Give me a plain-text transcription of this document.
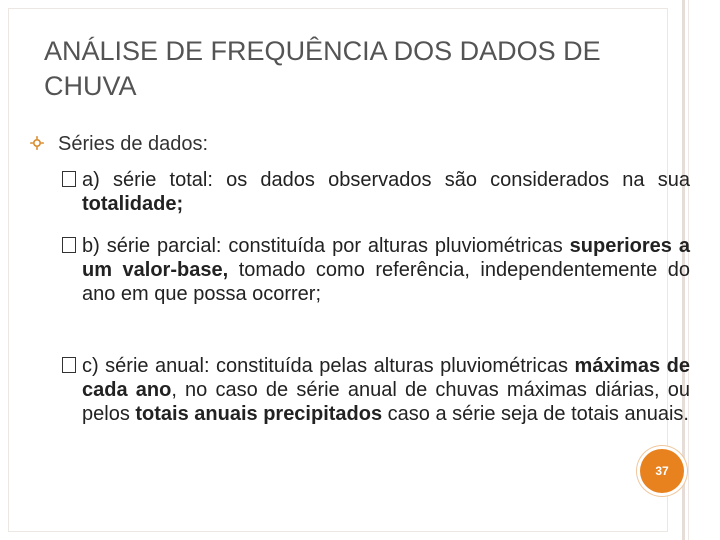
ANÁLISE DE FREQUÊNCIA DOS DADOS DE CHUVA
Séries de dados:
a) série total: os dados observados são considerados na sua totalidade;
b) série parcial: constituída por alturas pluviométricas superiores a um valor-base, tomado como referência, independentemente do ano em que possa ocorrer;
c) série anual: constituída pelas alturas pluviométricas máximas de cada ano, no caso de série anual de chuvas máximas diárias, ou pelos totais anuais precipitados caso a série seja de totais anuais.
37
